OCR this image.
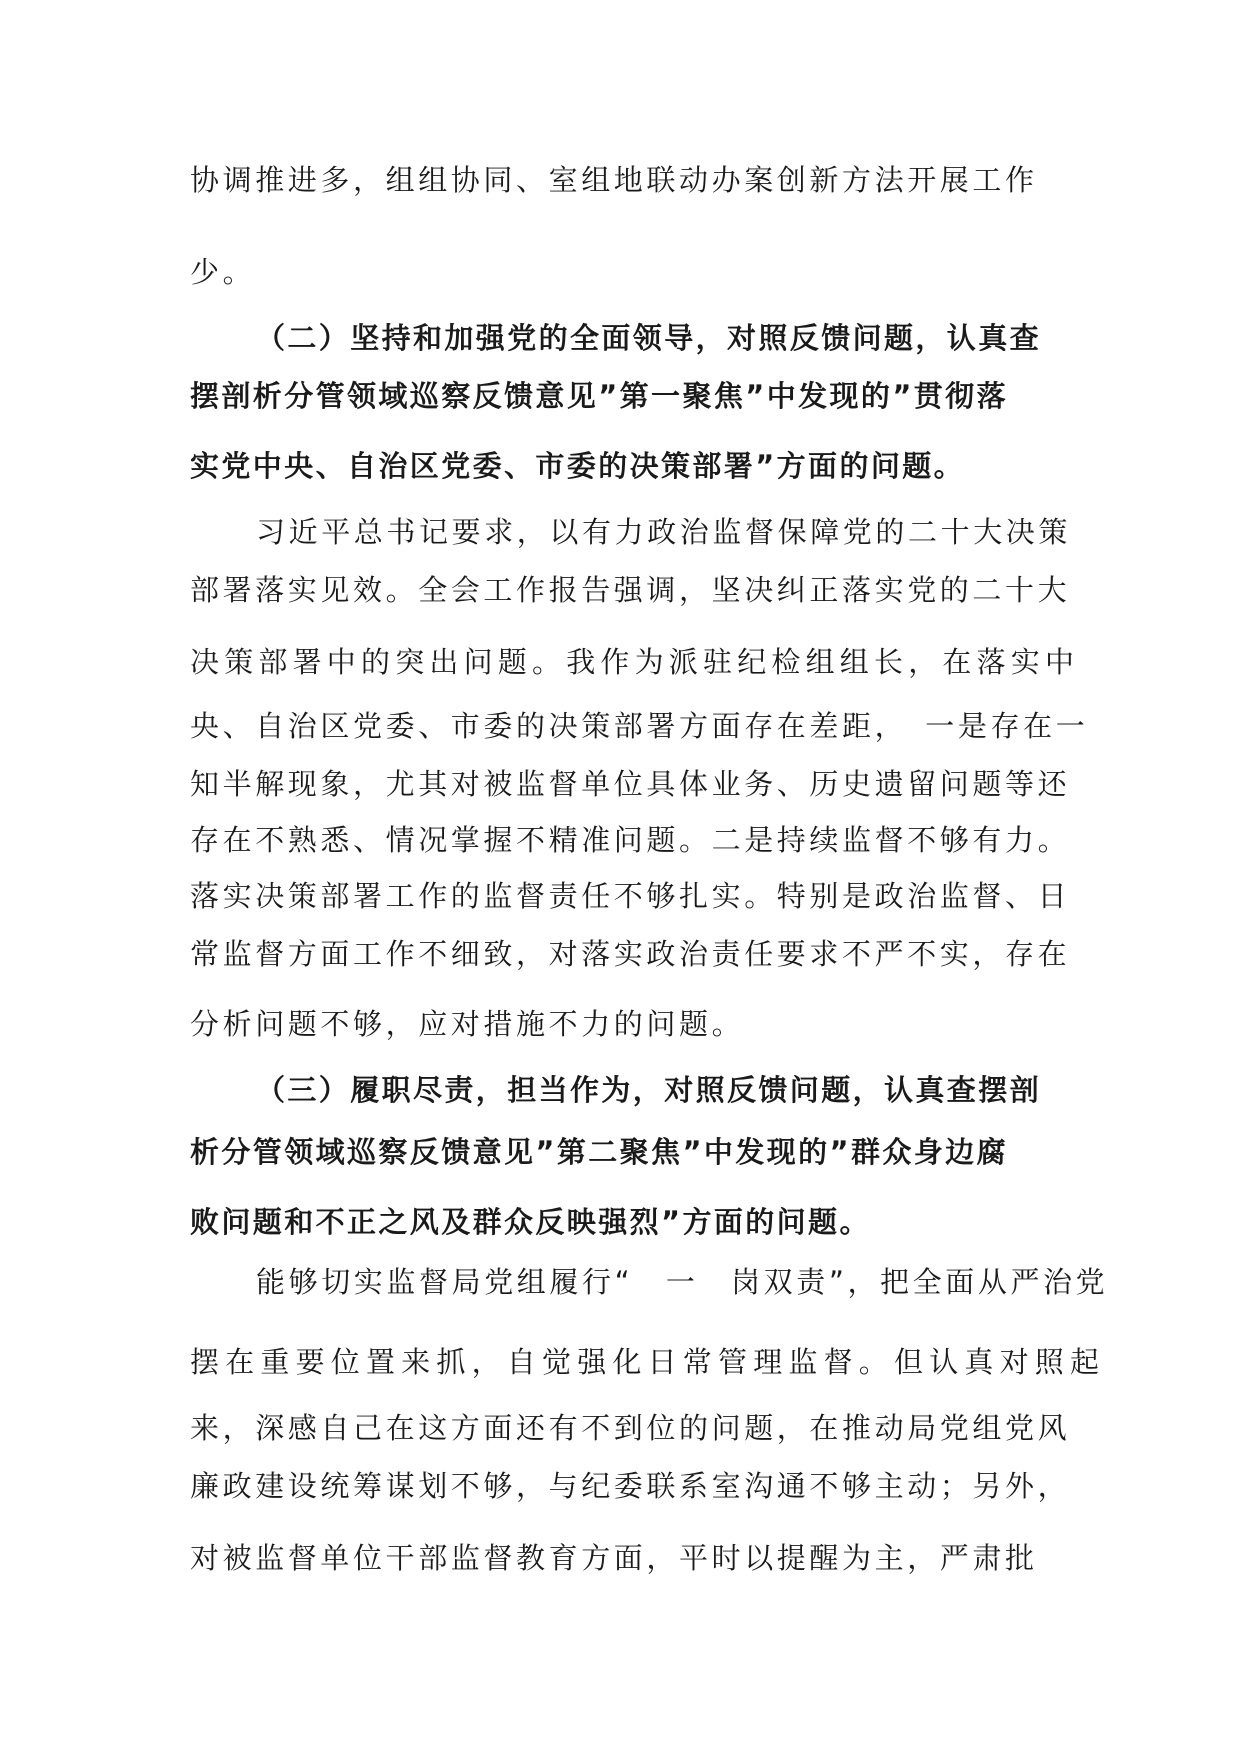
协调推进多，组组协同、室组地联动办案创新方法开展工作
少。
（二）坚持和加强党的全面领导，对照反馈问题，认真查
摆剖析分管领域巡察反馈意见”第一聚焦”中发现的”贯彻落
实党中央、自治区党委、市委的决策部署”方面的问题。
习近平总书记要求，以有力政治监督保障党的二十大决策
部署落实见效。全会工作报告强调，坚决纠正落实党的二十大
决策部署中的突出问题。我作为派驻纪检组组长，在落实中
央、自治区党委、市委的决策部署方面存在差距，　一是存在一
知半解现象，尤其对被监督单位具体业务、历史遗留问题等还
存在不熟悉、情况掌握不精准问题。二是持续监督不够有力。
落实决策部署工作的监督责任不够扎实。特别是政治监督、日
常监督方面工作不细致，对落实政治责任要求不严不实，存在
分析问题不够，应对措施不力的问题。
（三）履职尽责，担当作为，对照反馈问题，认真查摆剖
析分管领域巡察反馈意见”第二聚焦”中发现的”群众身边腐
败问题和不正之风及群众反映强烈”方面的问题。
能够切实监督局党组履行“　一　岗双责”，把全面从严治党
摆在重要位置来抓，自觉强化日常管理监督。但认真对照起
来，深感自己在这方面还有不到位的问题，在推动局党组党风
廉政建设统筹谋划不够，与纪委联系室沟通不够主动；另外，
对被监督单位干部监督教育方面，平时以提醒为主，严肃批
